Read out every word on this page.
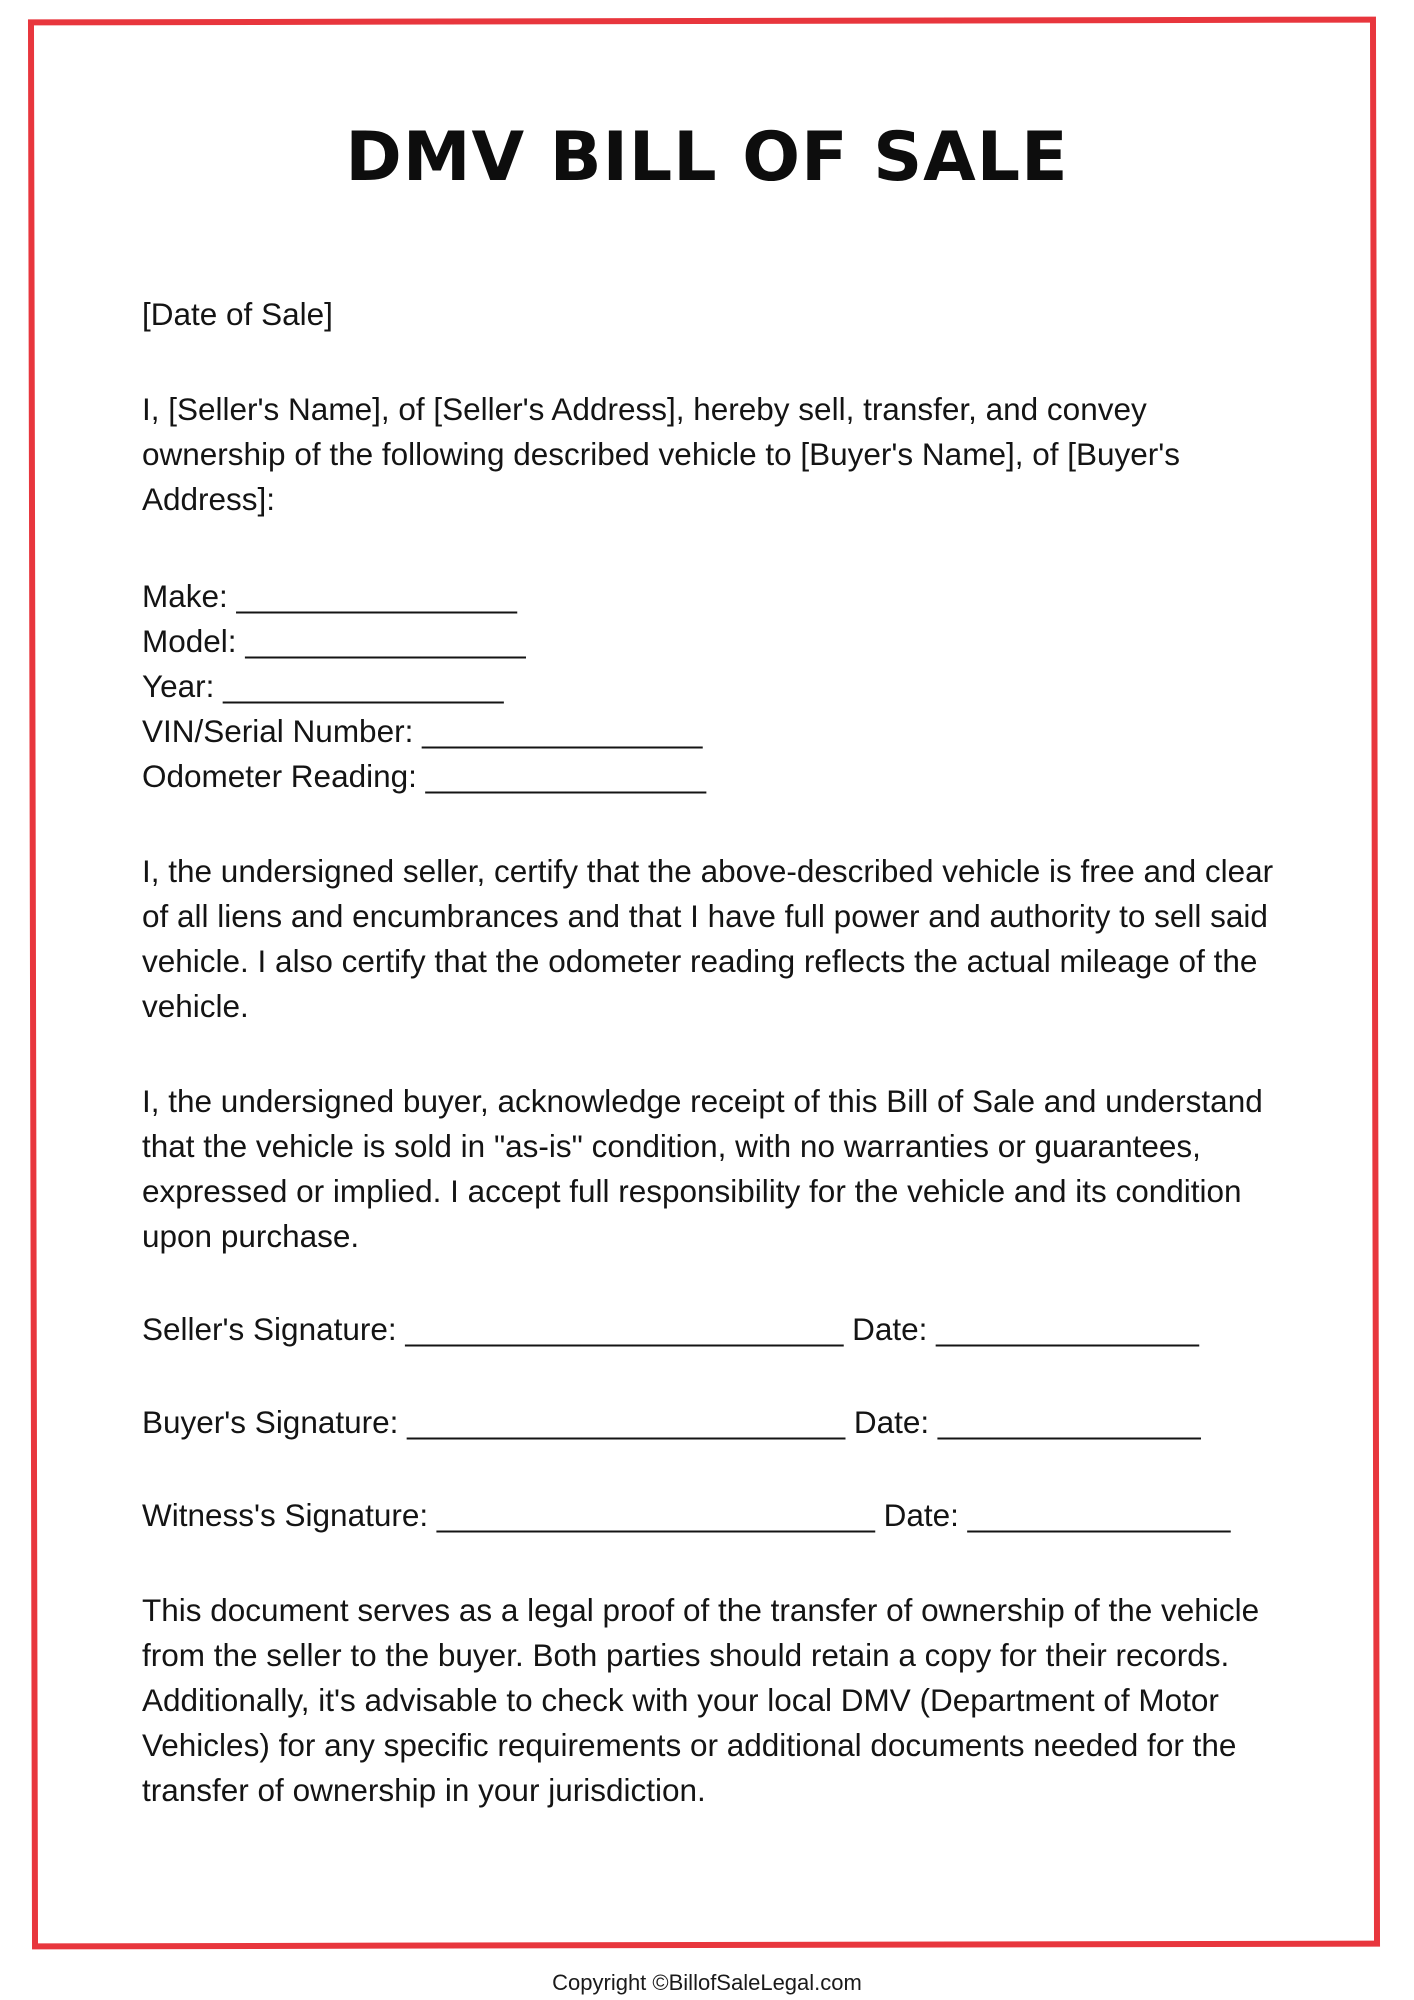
DMV BILL OF SALE

[Date of Sale]

I, [Seller's Name], of [Seller's Address], hereby sell, transfer, and convey ownership of the following described vehicle to [Buyer's Name], of [Buyer's Address]:

Make: ________________

Model: ________________

Year: ________________

VIN/Serial Number: ________________

Odometer Reading: ________________

I, the undersigned seller, certify that the above-described vehicle is free and clear of all liens and encumbrances and that I have full power and authority to sell said vehicle. I also certify that the odometer reading reflects the actual mileage of the vehicle.

I, the undersigned buyer, acknowledge receipt of this Bill of Sale and understand that the vehicle is sold in "as-is" condition, with no warranties or guarantees, expressed or implied. I accept full responsibility for the vehicle and its condition upon purchase.

Seller's Signature: _________________________ Date: _______________

Buyer's Signature: _________________________ Date: _______________

Witness's Signature: _________________________ Date: _______________

This document serves as a legal proof of the transfer of ownership of the vehicle from the seller to the buyer. Both parties should retain a copy for their records. Additionally, it's advisable to check with your local DMV (Department of Motor Vehicles) for any specific requirements or additional documents needed for the transfer of ownership in your jurisdiction.

Copyright ©BillofSaleLegal.com
